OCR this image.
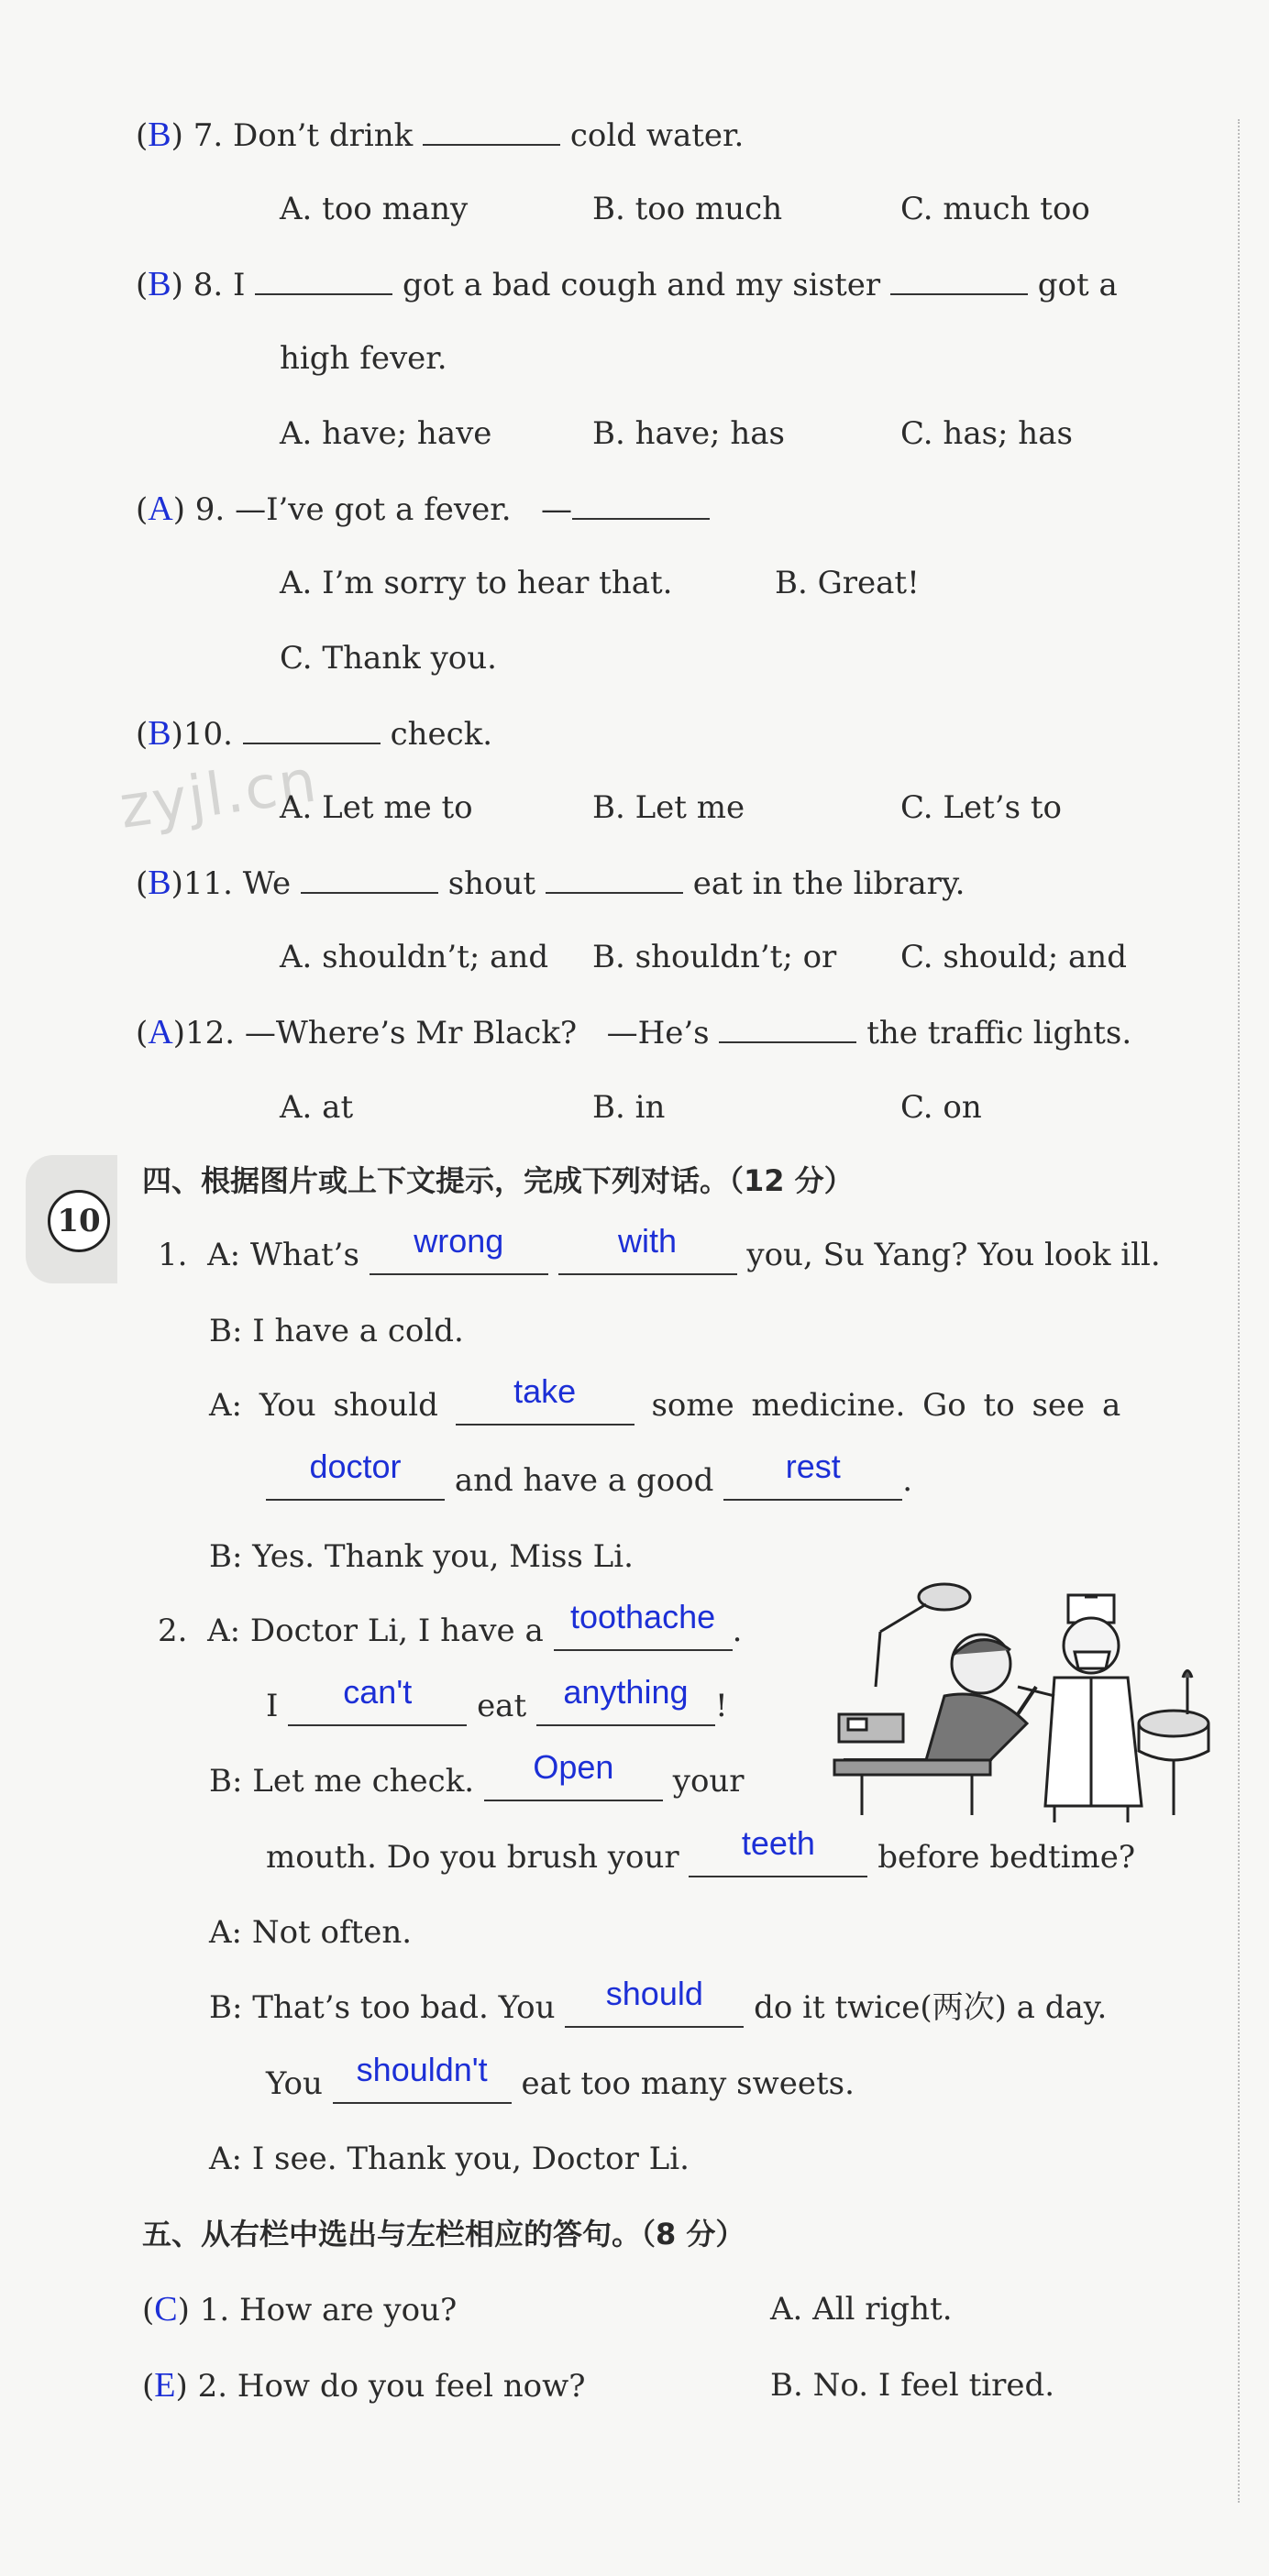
zyjl.cn
(B) 7. Don’t drink	cold water.
A. too many	B. too much	C. much too
(B) 8. I	got a bad cough and my sister	got a
high fever.
A. have; have	B. have; has	C. has; has
(A) 9. —I’ve got a fever. —
A. I’m sorry to hear that.	B. Great!
C. Thank you.
(B)10.	check.
A. Let me to	B. Let me	C. Let’s to
(B)11. We	shout	eat in the library.
A. shouldn’t; and B. shouldn’t; or C. should; and
(A)12. —Where’s Mr Black? —He’s	the traffic lights.
A. at	B. in	C. on
10
四、根据图片或上下文提示，完成下列对话。（12 分）
1. A: What’s wrong	with you, Su Yang? You look ill.
B: I have a cold.
A: You should take some medicine. Go to see a
doctor and have a good rest .
B: Yes. Thank you, Miss Li.
2. A: Doctor Li, I have a toothache .
I can't eat anything !
B: Let me check. Open your
mouth. Do you brush your teeth before bedtime?
A: Not often.
B: That’s too bad. You should do it twice(两次) a day.
You shouldn't eat too many sweets.
A: I see. Thank you, Doctor Li.
五、从右栏中选出与左栏相应的答句。（8 分）
(C) 1. How are you?	A. All right.
(E) 2. How do you feel now?	B. No. I feel tired.
